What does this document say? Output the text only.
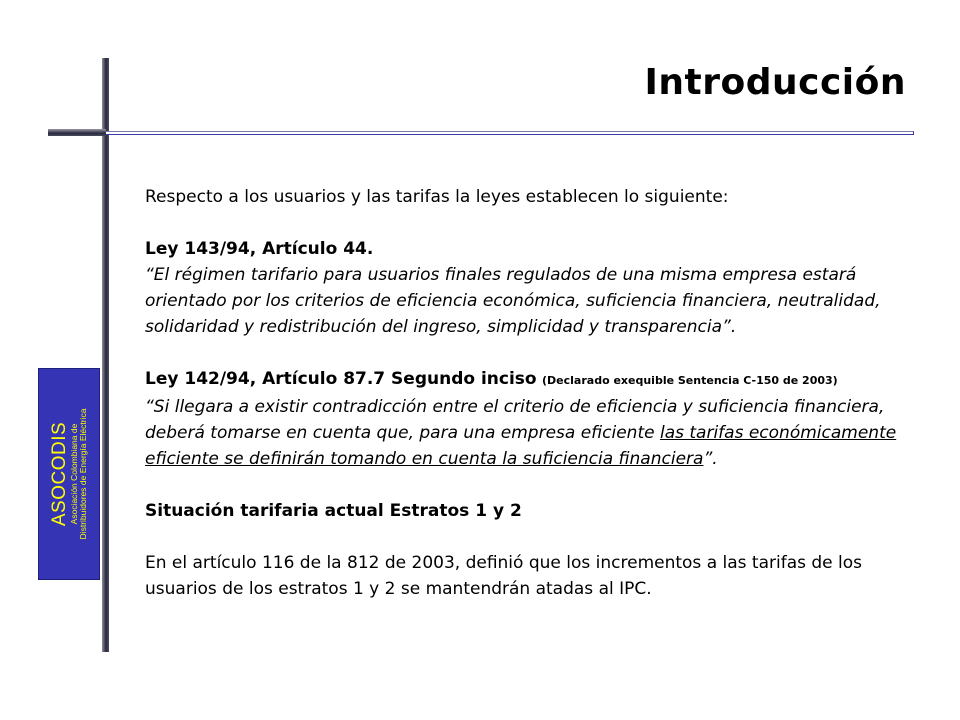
Introducción
ASOCODIS Asociación Colombiana de Distribuidores de Energía Eléctrica

Respecto a los usuarios y las tarifas la leyes establecen lo siguiente:

Ley 143/94, Artículo 44.

“El régimen tarifario para usuarios finales regulados de una misma empresa estará orientado por los criterios de eficiencia económica, suficiencia financiera, neutralidad, solidaridad y redistribución del ingreso, simplicidad y transparencia”.

Ley 142/94, Artículo 87.7 Segundo inciso (Declarado exequible Sentencia C-150 de 2003)

“Si llegara a existir contradicción entre el criterio de eficiencia y suficiencia financiera, deberá tomarse en cuenta que, para una empresa eficiente las tarifas económicamente eficiente se definirán tomando en cuenta la suficiencia financiera”.

Situación tarifaria actual Estratos 1 y 2

En el artículo 116 de la 812 de 2003, definió que los incrementos a las tarifas de los usuarios de los estratos 1 y 2 se mantendrán atadas al IPC.
